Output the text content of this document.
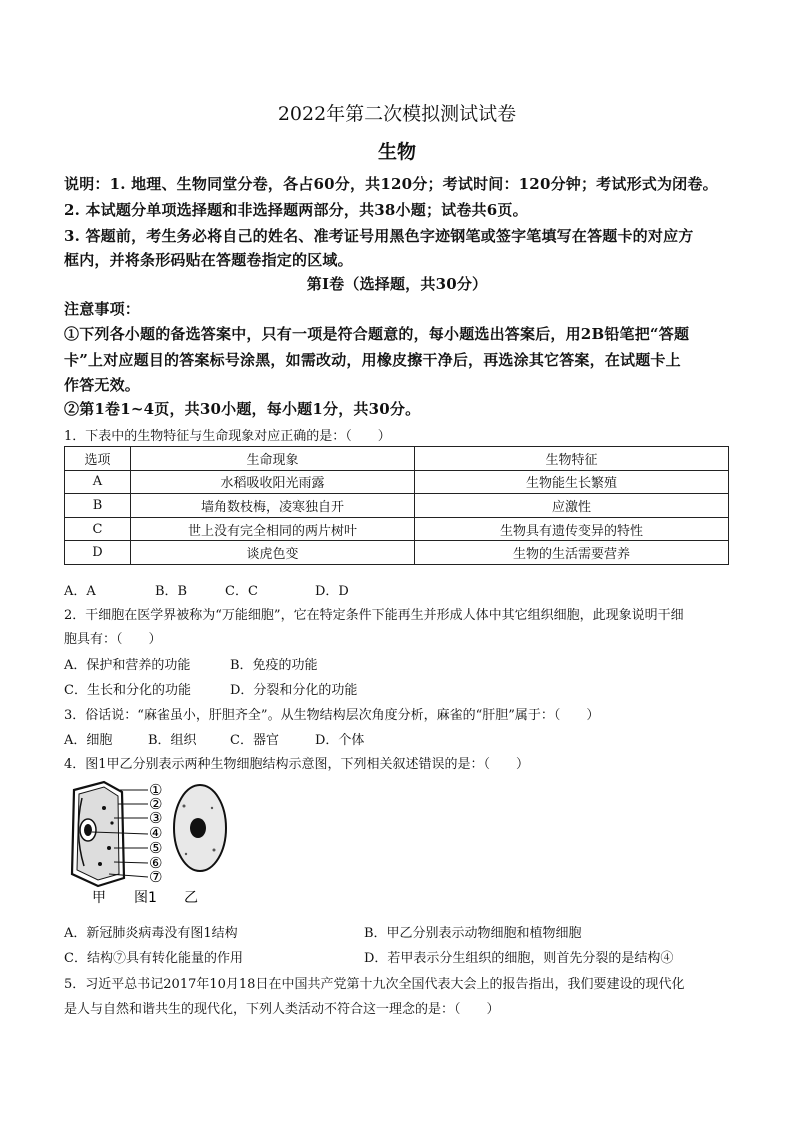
2022年第二次模拟测试试卷
生物
说明：1. 地理、生物同堂分卷，各占60分，共120分；考试时间：120分钟；考试形式为闭卷。
2. 本试题分单项选择题和非选择题两部分，共38小题；试卷共6页。
3. 答题前，考生务必将自己的姓名、准考证号用黑色字迹钢笔或签字笔填写在答题卡的对应方
框内，并将条形码贴在答题卷指定的区域。
第Ⅰ卷（选择题，共30分）
注意事项：
①下列各小题的备选答案中，只有一项是符合题意的，每小题选出答案后，用2B铅笔把“答题
卡”上对应题目的答案标号涂黑，如需改动，用橡皮擦干净后，再选涂其它答案，在试题卡上
作答无效。
②第1卷1~4页，共30小题，每小题1分，共30分。
1．下表中的生物特征与生命现象对应正确的是：（　　）
选项	生命现象	生物特征
A	水稻吸收阳光雨露	生物能生长繁殖
B	墙角数枝梅，凌寒独自开	应激性
C	世上没有完全相同的两片树叶	生物具有遗传变异的特性
D	谈虎色变	生物的生活需要营养
A．A	B．B	C．C	D．D
2．干细胞在医学界被称为“万能细胞”，它在特定条件下能再生并形成人体中其它组织细胞，此现象说明干细
胞具有：（　　）
A．保护和营养的功能	B．免疫的功能
C．生长和分化的功能	D．分裂和分化的功能
3．俗话说：“麻雀虽小，肝胆齐全”。从生物结构层次角度分析，麻雀的“肝胆”属于：（　　）
A．细胞	B．组织	C．器官	D．个体
4．图1甲乙分别表示两种生物细胞结构示意图，下列相关叙述错误的是：（　　）
①
②
③
④
⑤
⑥
⑦
甲 图1 乙
A．新冠肺炎病毒没有图1结构	B．甲乙分别表示动物细胞和植物细胞
C．结构⑦具有转化能量的作用	D．若甲表示分生组织的细胞，则首先分裂的是结构④
5．习近平总书记2017年10月18日在中国共产党第十九次全国代表大会上的报告指出，我们要建设的现代化
是人与自然和谐共生的现代化，下列人类活动不符合这一理念的是：（　　）
